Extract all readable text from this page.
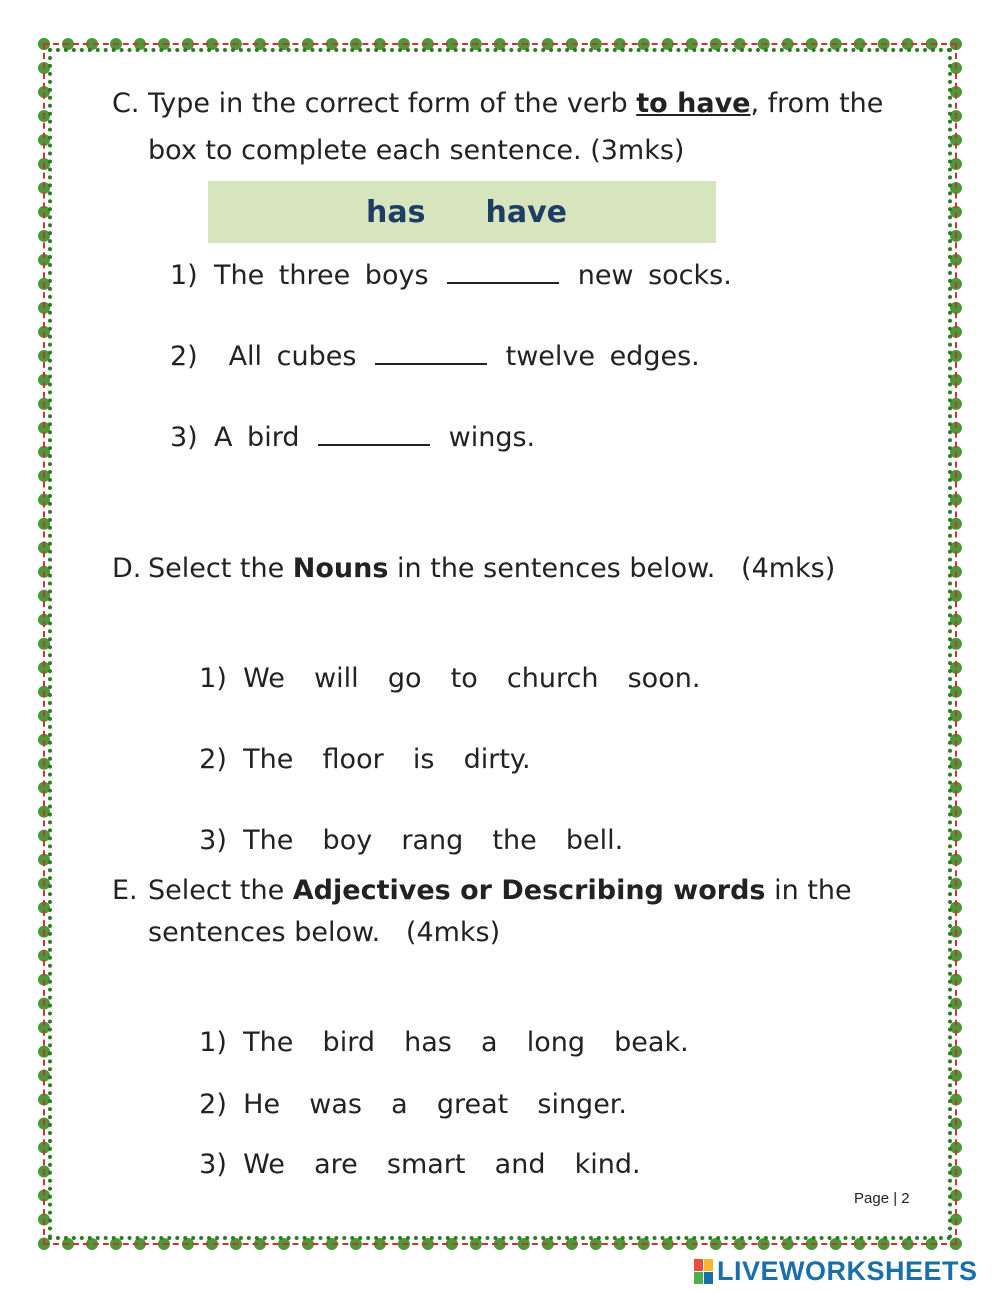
C. Type in the correct form of the verb to have, from the
box to complete each sentence. (3mks)
has have
1) The three boys	new socks.
2) All cubes	twelve edges.
3) A bird	wings.
D. Select the Nouns in the sentences below.   (4mks)

1) We  will  go  to  church  soon.

2) The  floor  is  dirty.

3) The  boy  rang  the  bell.

E. Select the Adjectives or Describing words in the
sentences below.   (4mks)

1) The  bird  has  a  long  beak.

2) He  was  a  great  singer.

3) We  are  smart  and  kind.

Page | 2
LIVEWORKSHEETS
